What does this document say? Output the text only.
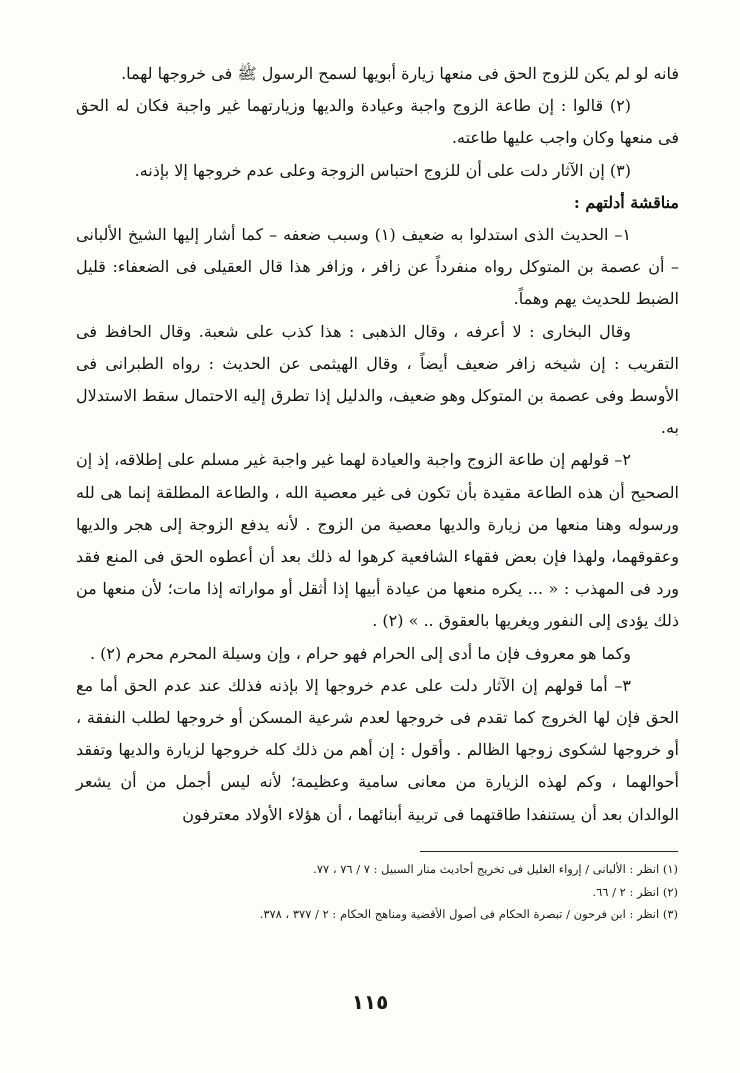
فانه لو لم يكن للزوج الحق فى منعها زيارة أبويها لسمح الرسول ﷺ فى خروجها لهما.

(٢) قالوا : إن طاعة الزوج واجبة وعيادة والديها وزيارتهما غير واجبة فكان له الحق فى منعها وكان واجب عليها طاعته.

(٣) إن الآثار دلت على أن للزوج احتباس الزوجة وعلى عدم خروجها إلا بإذنه.

مناقشة أدلتهم :

١– الحديث الذى استدلوا به ضعيف (١) وسبب ضعفه – كما أشار إليها الشيخ الألبانى – أن عصمة بن المتوكل رواه منفرداً عن زافر ، وزافر هذا قال العقيلى فى الضعفاء: قليل الضبط للحديث يهم وهماً.

وقال البخارى : لا أعرفه ، وقال الذهبى : هذا كذب على شعبة. وقال الحافظ فى التقريب : إن شيخه زافر ضعيف أيضاً ، وقال الهيثمى عن الحديث : رواه الطبرانى فى الأوسط وفى عصمة بن المتوكل وهو ضعيف، والدليل إذا تطرق إليه الاحتمال سقط الاستدلال به.

٢– قولهم إن طاعة الزوج واجبة والعيادة لهما غير واجبة غير مسلم على إطلاقه، إذ إن الصحيح أن هذه الطاعة مقيدة بأن تكون فى غير معصية الله ، والطاعة المطلقة إنما هى لله ورسوله وهنا منعها من زيارة والديها معصية من الزوج . لأنه يدفع الزوجة إلى هجر والديها وعقوقهما، ولهذا فإن بعض فقهاء الشافعية كرهوا له ذلك بعد أن أعطوه الحق فى المنع فقد ورد فى المهذب : « ... يكره منعها من عيادة أبيها إذا أثقل أو مواراته إذا مات؛ لأن منعها من ذلك يؤدى إلى النفور ويغريها بالعقوق .. » (٢) .

وكما هو معروف فإن ما أدى إلى الحرام فهو حرام ، وإن وسيلة المحرم محرم (٢) .

٣– أما قولهم إن الآثار دلت على عدم خروجها إلا بإذنه فذلك عند عدم الحق أما مع الحق فإن لها الخروج كما تقدم فى خروجها لعدم شرعية المسكن أو خروجها لطلب النفقة ، أو خروجها لشكوى زوجها الظالم . وأقول : إن أهم من ذلك كله خروجها لزيارة والديها وتفقد أحوالهما ، وكم لهذه الزيارة من معانى سامية وعظيمة؛ لأنه ليس أجمل من أن يشعر الوالدان بعد أن يستنفدا طاقتهما فى تربية أبنائهما ، أن هؤلاء الأولاد معترفون

(١) انظر : الألبانى / إرواء الغليل فى تخريج أحاديث منار السبيل : ٧ / ٧٦ ، ٧٧.

(٢) انظر : ٢ / ٦٦.

(٣) انظر : ابن فرحون / تبصرة الحكام فى أصول الأقضية ومناهج الحكام : ٢ / ٣٧٧ ، ٣٧٨.

١١٥
